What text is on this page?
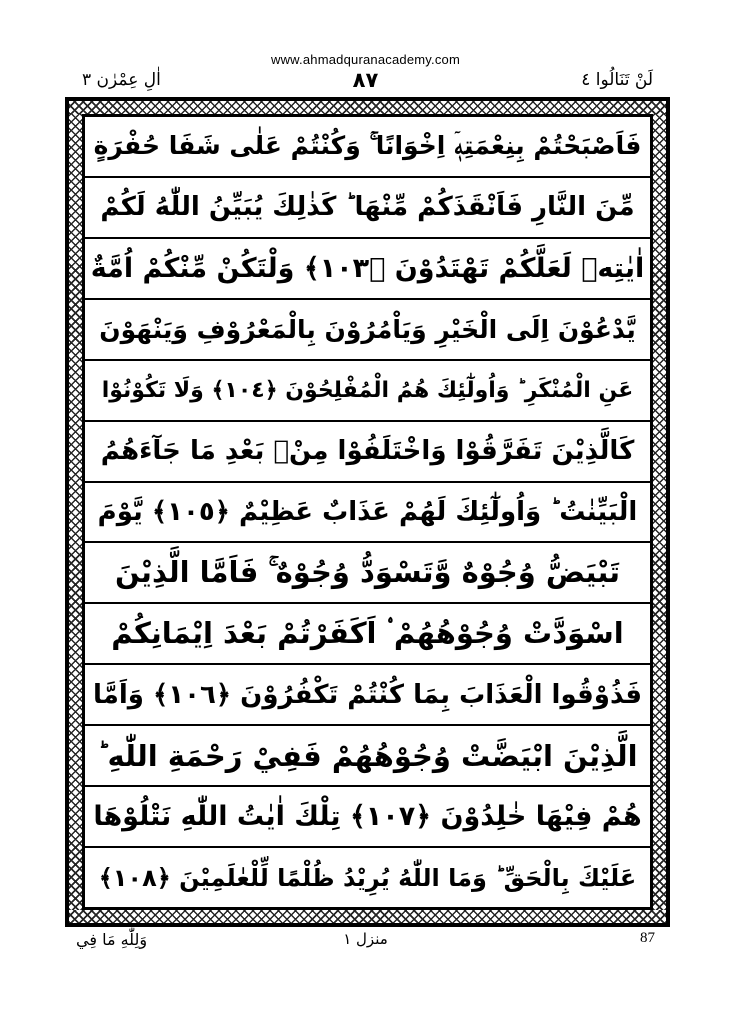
www.ahmadquranacademy.com
اٰلِ عِمْرٰن ٣	٨٧	لَنْ تَنَالُوا ٤
فَاَصْبَحْتُمْ بِنِعْمَتِهٖۤ اِخْوَانًا ۚ وَكُنْتُمْ عَلٰى شَفَا حُفْرَةٍ
مِّنَ النَّارِ فَاَنْقَذَكُمْ مِّنْهَا ؕ كَذٰلِكَ يُبَيِّنُ اللّٰهُ لَكُمْ
اٰيٰتِهٖ لَعَلَّكُمْ تَهْتَدُوْنَ ﴿١٠٣﴾ وَلْتَكُنْ مِّنْكُمْ اُمَّةٌ
يَّدْعُوْنَ اِلَى الْخَيْرِ وَيَاْمُرُوْنَ بِالْمَعْرُوْفِ وَيَنْهَوْنَ
عَنِ الْمُنْكَرِ ؕ وَاُولٰٓئِكَ هُمُ الْمُفْلِحُوْنَ ﴿١٠٤﴾ وَلَا تَكُوْنُوْا
كَالَّذِيْنَ تَفَرَّقُوْا وَاخْتَلَفُوْا مِنْۢ بَعْدِ مَا جَآءَهُمُ
الْبَيِّنٰتُ ؕ وَاُولٰٓئِكَ لَهُمْ عَذَابٌ عَظِيْمٌ ﴿١٠٥﴾ يَّوْمَ
تَبْيَضُّ وُجُوْهٌ وَّتَسْوَدُّ وُجُوْهٌ ۚ فَاَمَّا الَّذِيْنَ
اسْوَدَّتْ وُجُوْهُهُمْ ۟ اَكَفَرْتُمْ بَعْدَ اِيْمَانِكُمْ
فَذُوْقُوا الْعَذَابَ بِمَا كُنْتُمْ تَكْفُرُوْنَ ﴿١٠٦﴾ وَاَمَّا
الَّذِيْنَ ابْيَضَّتْ وُجُوْهُهُمْ فَفِيْ رَحْمَةِ اللّٰهِ ؕ
هُمْ فِيْهَا خٰلِدُوْنَ ﴿١٠٧﴾ تِلْكَ اٰيٰتُ اللّٰهِ نَتْلُوْهَا
عَلَيْكَ بِالْحَقِّ ؕ وَمَا اللّٰهُ يُرِيْدُ ظُلْمًا لِّلْعٰلَمِيْنَ ﴿١٠٨﴾
وَلِلّٰهِ مَا فِي	منزل ١	87
